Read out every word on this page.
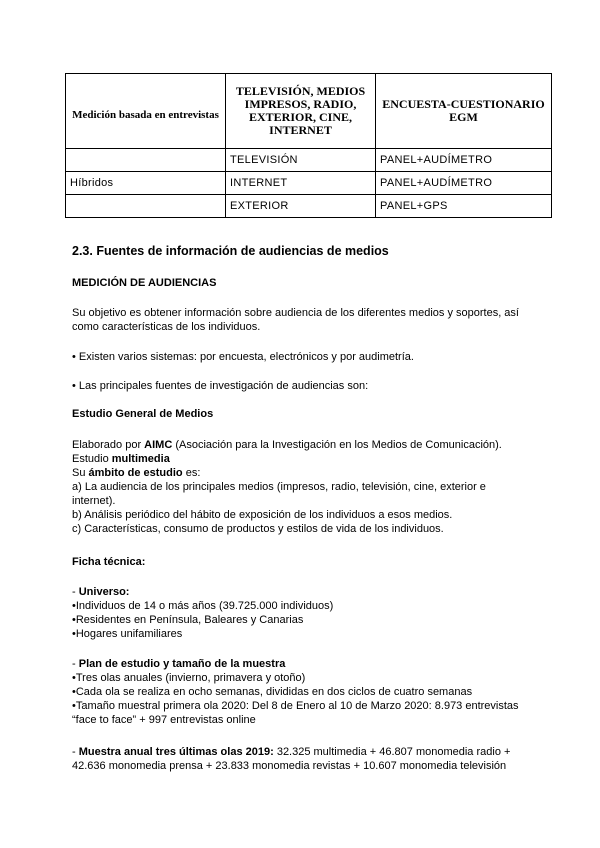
Medición basada en entrevistas	TELEVISIÓN, MEDIOS IMPRESOS, RADIO, EXTERIOR, CINE, INTERNET	ENCUESTA-CUESTIONARIO EGM
	TELEVISIÓN	PANEL+AUDÍMETRO
Híbridos	INTERNET	PANEL+AUDÍMETRO
	EXTERIOR	PANEL+GPS
2.3. Fuentes de información de audiencias de medios
MEDICIÓN DE AUDIENCIAS
Su objetivo es obtener información sobre audiencia de los diferentes medios y soportes, así como características de los individuos.
• Existen varios sistemas: por encuesta, electrónicos y por audimetría.
• Las principales fuentes de investigación de audiencias son:
Estudio General de Medios

Elaborado por AIMC (Asociación para la Investigación en los Medios de Comunicación).

Estudio multimedia

Su ámbito de estudio es:

a) La audiencia de los principales medios (impresos, radio, televisión, cine, exterior e internet).

b) Análisis periódico del hábito de exposición de los individuos a esos medios.

c) Características, consumo de productos y estilos de vida de los individuos.

Ficha técnica:

- Universo:

•Individuos de 14 o más años (39.725.000 individuos)

•Residentes en Península, Baleares y Canarias

•Hogares unifamiliares

- Plan de estudio y tamaño de la muestra

•Tres olas anuales (invierno, primavera y otoño)

•Cada ola se realiza en ocho semanas, divididas en dos ciclos de cuatro semanas

•Tamaño muestral primera ola 2020: Del 8 de Enero al 10 de Marzo 2020: 8.973 entrevistas “face to face” + 997 entrevistas online

- Muestra anual tres últimas olas 2019: 32.325 multimedia + 46.807 monomedia radio + 42.636 monomedia prensa + 23.833 monomedia revistas + 10.607 monomedia televisión
